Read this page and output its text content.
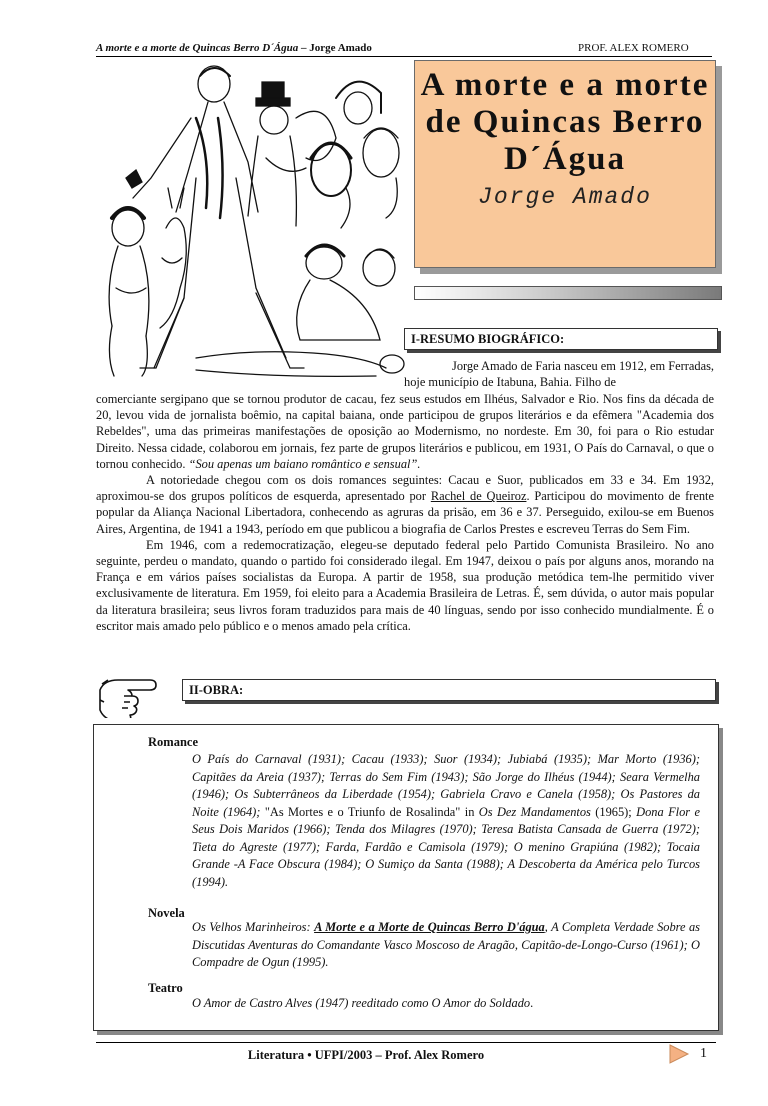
A morte e a morte de Quincas Berro D´Água – Jorge Amado	PROF. ALEX ROMERO
A morte e a morte de Quincas Berro D´Água
Jorge Amado
I-RESUMO BIOGRÁFICO:

Jorge Amado de Faria nasceu em 1912, em Ferradas, hoje município de Itabuna, Bahia. Filho de

comerciante sergipano que se tornou produtor de cacau, fez seus estudos em Ilhéus, Salvador e Rio. Nos fins da década de 20, levou vida de jornalista boêmio, na capital baiana, onde participou de grupos literários e da efêmera "Academia dos Rebeldes", uma das primeiras manifestações de oposição ao Modernismo, no nordeste. Em 30, foi para o Rio estudar Direito. Nessa cidade, colaborou em jornais, fez parte de grupos literários e publicou, em 1931, O País do Carnaval, o que o tornou conhecido. “Sou apenas um baiano romântico e sensual”.

A notoriedade chegou com os dois romances seguintes: Cacau e Suor, publicados em 33 e 34. Em 1932, aproximou-se dos grupos políticos de esquerda, apresentado por Rachel de Queiroz. Participou do movimento de frente popular da Aliança Nacional Libertadora, conhecendo as agruras da prisão, em 36 e 37. Perseguido, exilou-se em Buenos Aires, Argentina, de 1941 a 1943, período em que publicou a biografia de Carlos Prestes e escreveu Terras do Sem Fim.

Em 1946, com a redemocratização, elegeu-se deputado federal pelo Partido Comunista Brasileiro. No ano seguinte, perdeu o mandato, quando o partido foi considerado ilegal. Em 1947, deixou o país por alguns anos, morando na França e em vários países socialistas da Europa. A partir de 1958, sua produção metódica tem-lhe permitido viver exclusivamente de literatura. Em 1959, foi eleito para a Academia Brasileira de Letras. É, sem dúvida, o autor mais popular da literatura brasileira; seus livros foram traduzidos para mais de 40 línguas, sendo por isso conhecido mundialmente. É o escritor mais amado pelo público e o menos amado pela crítica.

II-OBRA:
Romance
O País do Carnaval (1931); Cacau (1933); Suor (1934); Jubiabá (1935); Mar Morto (1936); Capitães da Areia (1937); Terras do Sem Fim (1943); São Jorge do Ilhéus (1944); Seara Vermelha (1946); Os Subterrâneos da Liberdade (1954); Gabriela Cravo e Canela (1958); Os Pastores da Noite (1964); "As Mortes e o Triunfo de Rosalinda" in Os Dez Mandamentos (1965); Dona Flor e Seus Dois Maridos (1966); Tenda dos Milagres (1970); Teresa Batista Cansada de Guerra (1972); Tieta do Agreste (1977); Farda, Fardão e Camisola (1979); O menino Grapiúna (1982); Tocaia Grande -A Face Obscura (1984); O Sumiço da Santa (1988); A Descoberta da América pelo Turcos (1994).
Novela
Os Velhos Marinheiros: A Morte e a Morte de Quincas Berro D'água, A Completa Verdade Sobre as Discutidas Aventuras do Comandante Vasco Moscoso de Aragão, Capitão-de-Longo-Curso (1961); O Compadre de Ogun (1995).
Teatro
O Amor de Castro Alves (1947) reeditado como O Amor do Soldado.
Literatura • UFPI/2003 – Prof. Alex Romero	1
